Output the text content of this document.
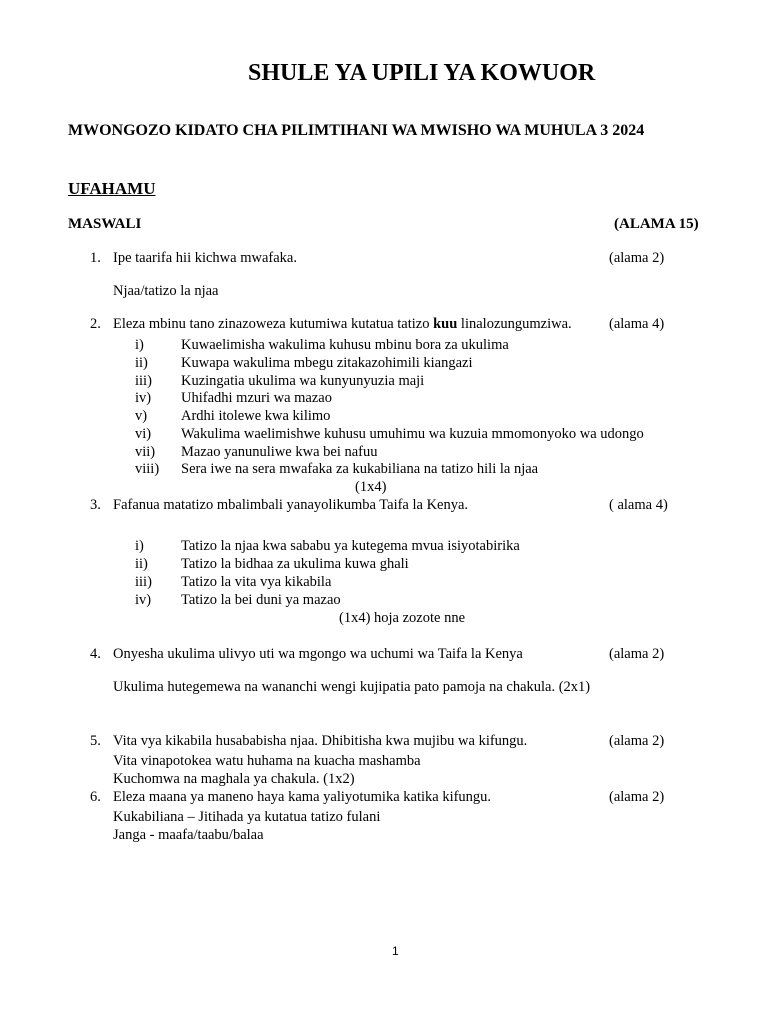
SHULE YA UPILI YA KOWUOR
MWONGOZO KIDATO CHA PILIMTIHANI WA MWISHO WA MUHULA 3 2024
UFAHAMU
MASWALI	(ALAMA 15)
1. Ipe taarifa hii kichwa mwafaka.	(alama 2)
Njaa/tatizo la njaa
2. Eleza mbinu tano zinazoweza kutumiwa kutatua tatizo kuu linalozungumziwa.	(alama 4)
i)	Kuwaelimisha wakulima kuhusu mbinu bora za ukulima
ii) Kuwapa wakulima mbegu zitakazohimili kiangazi
iii) Kuzingatia ukulima wa kunyunyuzia maji
iv) Uhifadhi mzuri wa mazao
v) Ardhi itolewe kwa kilimo
vi) Wakulima waelimishwe kuhusu umuhimu wa kuzuia mmomonyoko wa udongo
vii) Mazao yanunuliwe kwa bei nafuu
viii) Sera iwe na sera mwafaka za kukabiliana na tatizo hili la njaa
(1x4)
3. Fafanua matatizo mbalimbali yanayolikumba Taifa la Kenya.	( alama 4)
i)	Tatizo la njaa kwa sababu ya kutegema mvua isiyotabirika
ii) Tatizo la bidhaa za ukulima kuwa ghali
iii) Tatizo la vita vya kikabila
iv) Tatizo la bei duni ya mazao
(1x4) hoja zozote nne
4. Onyesha ukulima ulivyo uti wa mgongo wa uchumi wa Taifa la Kenya	(alama 2)
Ukulima hutegemewa na wananchi wengi kujipatia pato pamoja na chakula. (2x1)
5. Vita vya kikabila husababisha njaa. Dhibitisha kwa mujibu wa kifungu.	(alama 2)
Vita vinapotokea watu huhama na kuacha mashamba
Kuchomwa na maghala ya chakula. (1x2)
6. Eleza maana ya maneno haya kama yaliyotumika katika kifungu.	(alama 2)
Kukabiliana – Jitihada ya kutatua tatizo fulani
Janga - maafa/taabu/balaa
1
